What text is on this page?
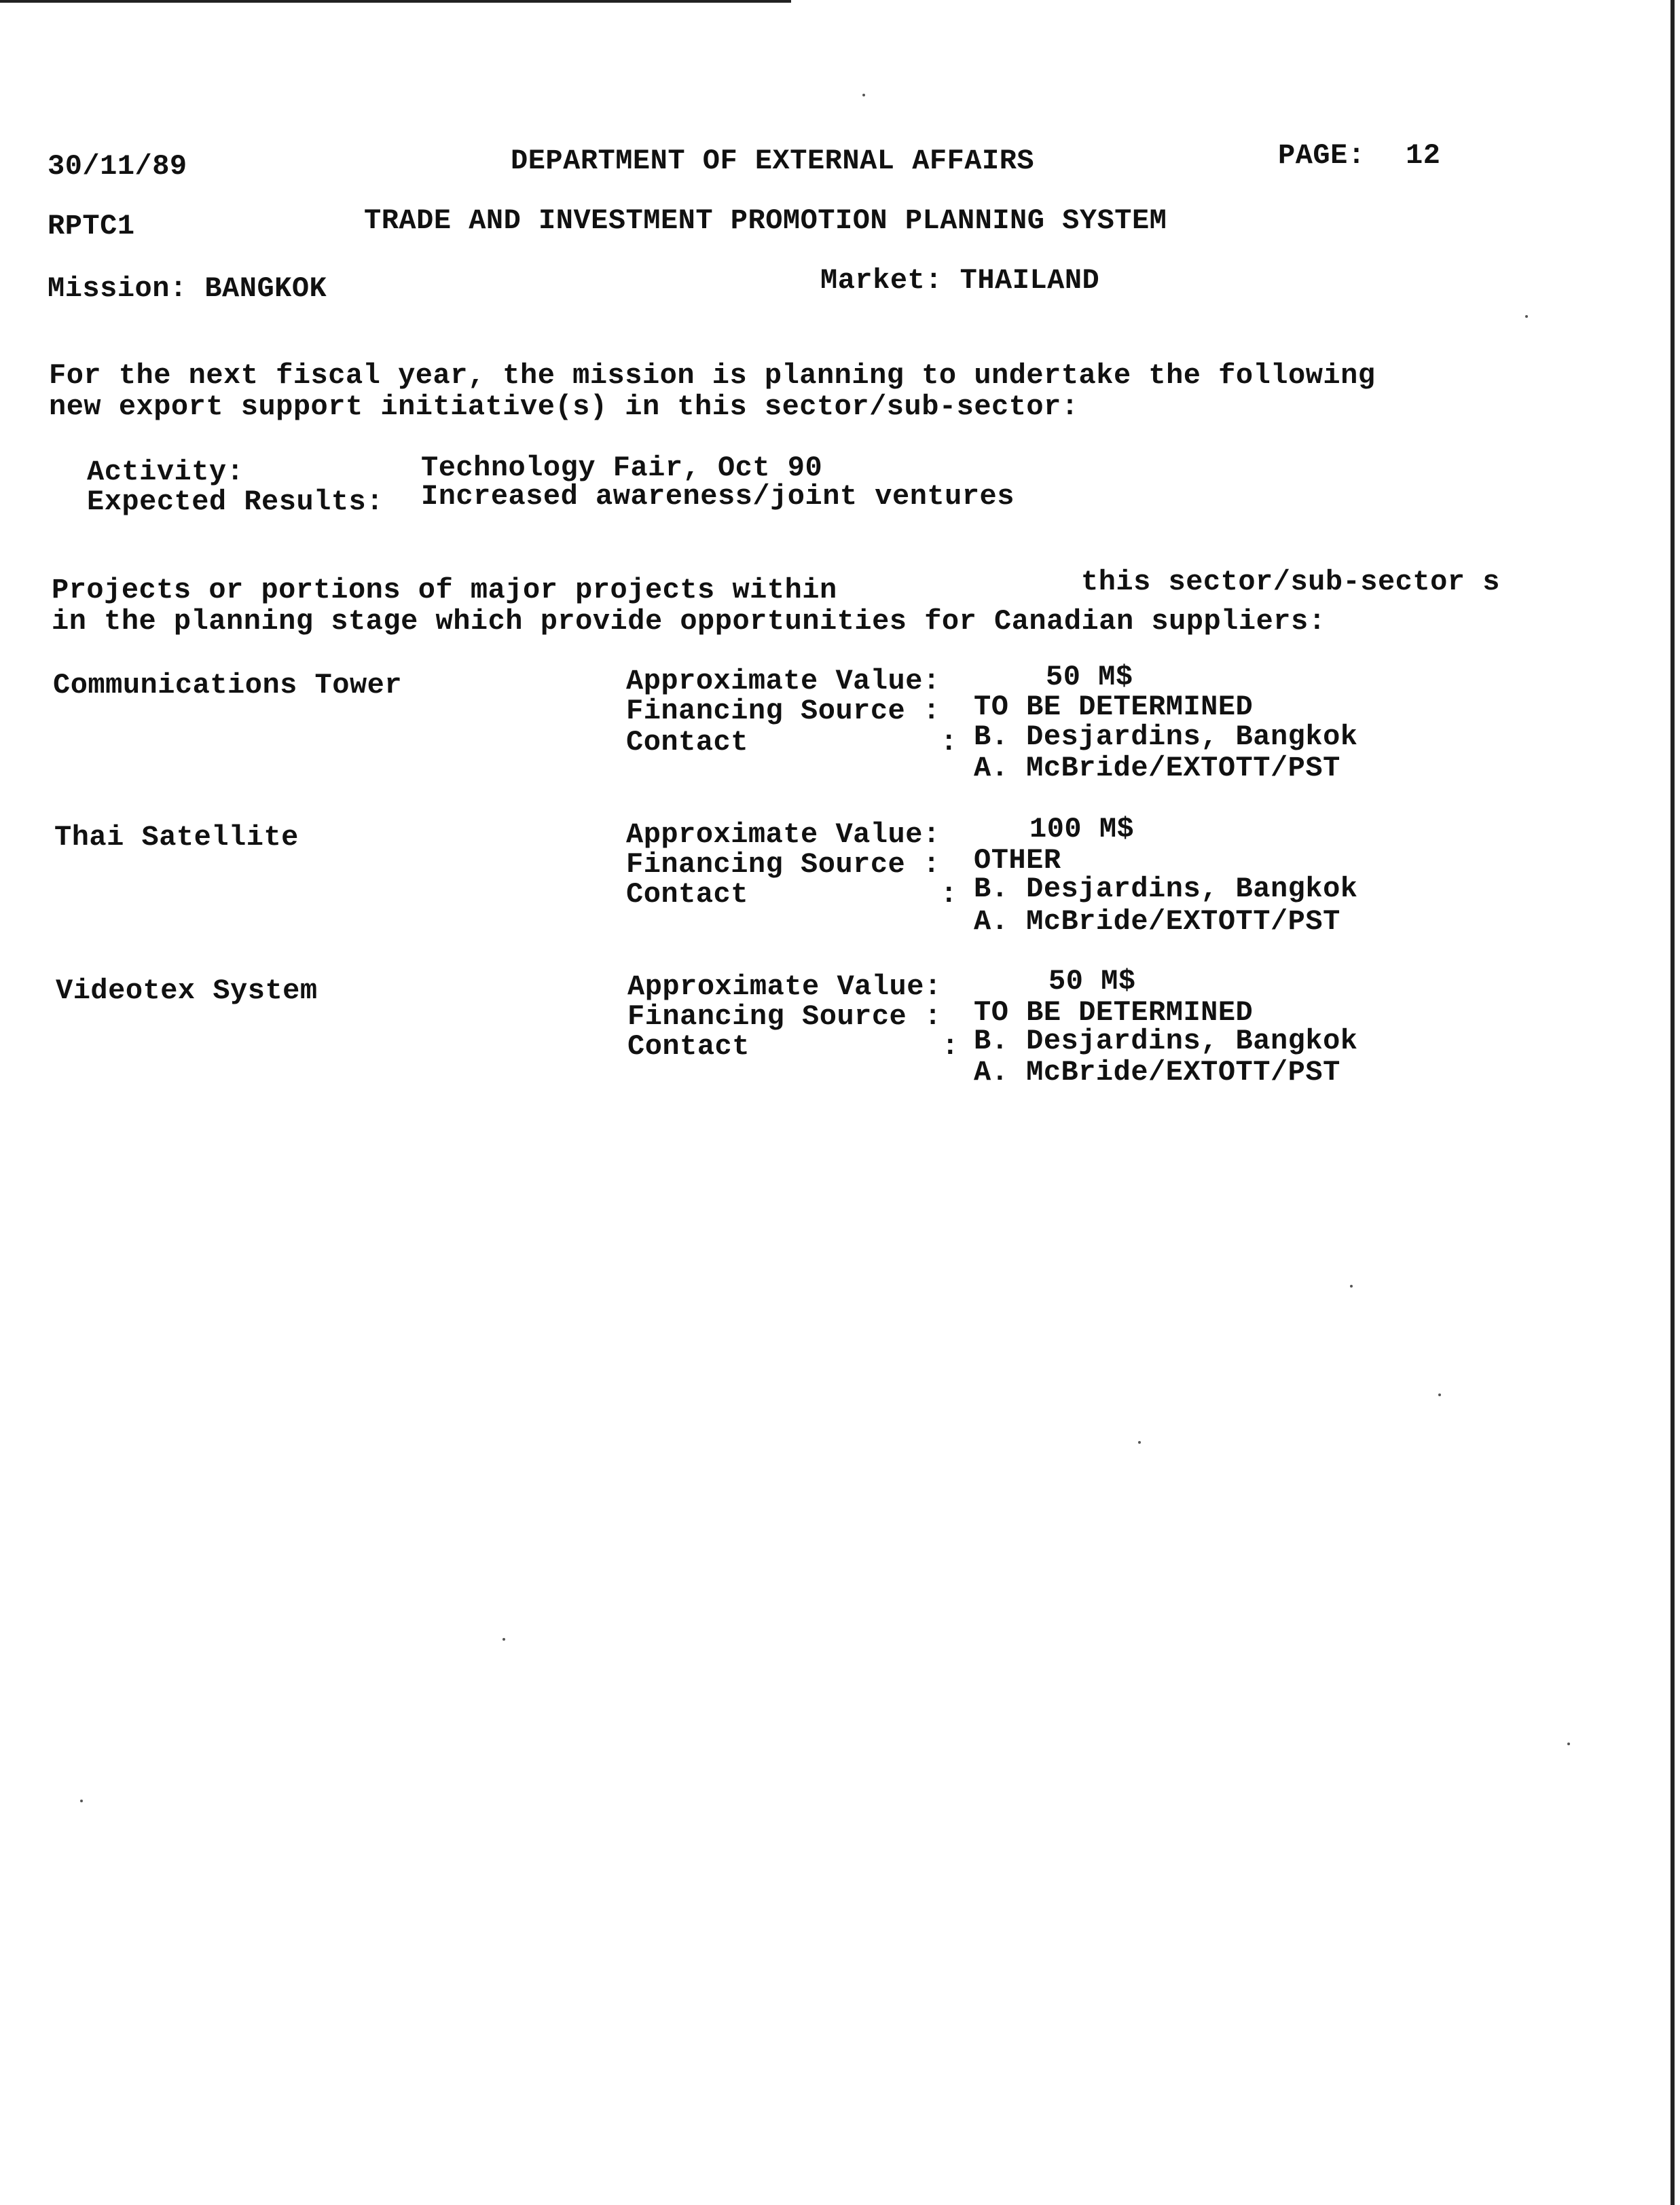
30/11/89	DEPARTMENT OF EXTERNAL AFFAIRS	PAGE: 12
RPTC1	TRADE AND INVESTMENT PROMOTION PLANNING SYSTEM
Mission: BANGKOK	Market: THAILAND
For the next fiscal year, the mission is planning to undertake the following
new export support initiative(s) in this sector/sub-sector:
Activity:	Technology Fair, Oct 90
Expected Results: Increased awareness/joint ventures
Projects or portions of major projects within	this sector/sub-sector s
in the planning stage which provide opportunities for Canadian suppliers:
Communications Tower	Approximate Value:	50 M$
Financing Source : TO BE DETERMINED
Contact           : B. Desjardins, Bangkok
A. McBride/EXTOTT/PST
Thai Satellite	Approximate Value:	100 M$
Financing Source : OTHER
Contact           : B. Desjardins, Bangkok
A. McBride/EXTOTT/PST
Videotex System	Approximate Value:	50 M$
Financing Source : TO BE DETERMINED
Contact           : B. Desjardins, Bangkok
A. McBride/EXTOTT/PST
